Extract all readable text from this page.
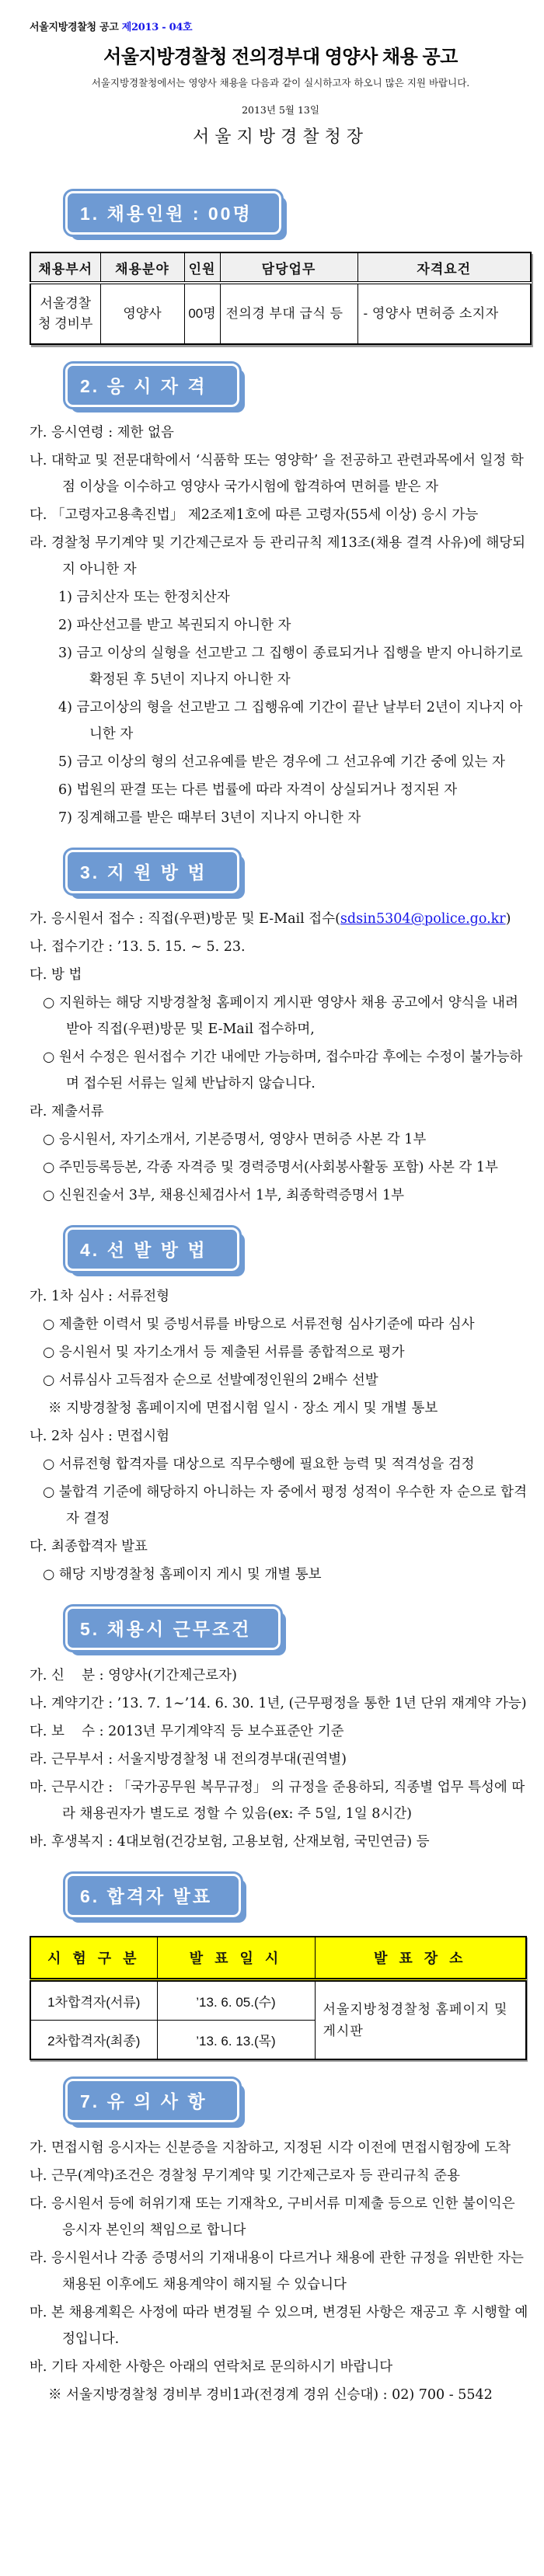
서울지방경찰청 공고 제2013 - 04호
서울지방경찰청 전의경부대 영양사 채용 공고
서울지방경찰청에서는 영양사 채용을 다음과 같이 실시하고자 하오니 많은 지원 바랍니다.
2013년 5월 13일
서울지방경찰청장
1. 채용인원 : 00명
채용부서	채용분야	인원	담당업무	자격요건
서울경찰청 경비부	영양사	00명	전의경 부대 급식 등	- 영양사 면허증 소지자
2. 응 시 자 격
가. 응시연령 : 제한 없음
나. 대학교 및 전문대학에서 ‘식품학 또는 영양학’ 을 전공하고 관련과목에서 일정 학점 이상을 이수하고 영양사 국가시험에 합격하여 면허를 받은 자
다. 「고령자고용촉진법」 제2조제1호에 따른 고령자(55세 이상) 응시 가능
라. 경찰청 무기계약 및 기간제근로자 등 관리규칙 제13조(채용 결격 사유)에 해당되지 아니한 자
1) 금치산자 또는 한정치산자
2) 파산선고를 받고 복권되지 아니한 자
3) 금고 이상의 실형을 선고받고 그 집행이 종료되거나 집행을 받지 아니하기로 확정된 후 5년이 지나지 아니한 자
4) 금고이상의 형을 선고받고 그 집행유예 기간이 끝난 날부터 2년이 지나지 아니한 자
5) 금고 이상의 형의 선고유예를 받은 경우에 그 선고유예 기간 중에 있는 자
6) 법원의 판결 또는 다른 법률에 따라 자격이 상실되거나 정지된 자
7) 징계해고를 받은 때부터 3년이 지나지 아니한 자
3. 지 원 방 법
가. 응시원서 접수 : 직접(우편)방문 및 E-Mail 접수(sdsin5304@police.go.kr)
나. 접수기간 : ’13. 5. 15. ~ 5. 23.
다. 방 법
○ 지원하는 해당 지방경찰청 홈페이지 게시판 영양사 채용 공고에서 양식을 내려 받아 직접(우편)방문 및 E-Mail 접수하며,
○ 원서 수정은 원서접수 기간 내에만 가능하며, 접수마감 후에는 수정이 불가능하며 접수된 서류는 일체 반납하지 않습니다.
라. 제출서류
○ 응시원서, 자기소개서, 기본증명서, 영양사 면허증 사본 각 1부
○ 주민등록등본, 각종 자격증 및 경력증명서(사회봉사활동 포함) 사본 각 1부
○ 신원진술서 3부, 채용신체검사서 1부, 최종학력증명서 1부
4. 선 발 방 법
가. 1차 심사 : 서류전형
○ 제출한 이력서 및 증빙서류를 바탕으로 서류전형 심사기준에 따라 심사
○ 응시원서 및 자기소개서 등 제출된 서류를 종합적으로 평가
○ 서류심사 고득점자 순으로 선발예정인원의 2배수 선발
※ 지방경찰청 홈페이지에 면접시험 일시 · 장소 게시 및 개별 통보
나. 2차 심사 : 면접시험
○ 서류전형 합격자를 대상으로 직무수행에 필요한 능력 및 적격성을 검정
○ 불합격 기준에 해당하지 아니하는 자 중에서 평정 성적이 우수한 자 순으로 합격자 결정
다. 최종합격자 발표
○ 해당 지방경찰청 홈페이지 게시 및 개별 통보
5. 채용시 근무조건
가. 신    분 : 영양사(기간제근로자)
나. 계약기간 : ’13. 7. 1~’14. 6. 30. 1년, (근무평정을 통한 1년 단위 재계약 가능)
다. 보    수 : 2013년 무기계약직 등 보수표준안 기준
라. 근무부서 : 서울지방경찰청 내 전의경부대(권역별)
마. 근무시간 : 「국가공무원 복무규정」 의 규정을 준용하되, 직종별 업무 특성에 따라 채용권자가 별도로 정할 수 있음(ex: 주 5일, 1일 8시간)
바. 후생복지 : 4대보험(건강보험, 고용보험, 산재보험, 국민연금) 등
6. 합격자 발표
시 험 구 분	발 표 일 시	발 표 장 소
1차합격자(서류)	’13. 6. 05.(수)	서울지방청경찰청 홈페이지 및 게시판
2차합격자(최종)	’13. 6. 13.(목)	
7. 유 의 사 항
가. 면접시험 응시자는 신분증을 지참하고, 지정된 시각 이전에 면접시험장에 도착
나. 근무(계약)조건은 경찰청 무기계약 및 기간제근로자 등 관리규칙 준용
다. 응시원서 등에 허위기재 또는 기재착오, 구비서류 미제출 등으로 인한 불이익은 응시자 본인의 책임으로 합니다
라. 응시원서나 각종 증명서의 기재내용이 다르거나 채용에 관한 규정을 위반한 자는 채용된 이후에도 채용계약이 해지될 수 있습니다
마. 본 채용계획은 사정에 따라 변경될 수 있으며, 변경된 사항은 재공고 후 시행할 예정입니다.
바. 기타 자세한 사항은 아래의 연락처로 문의하시기 바랍니다
※ 서울지방경찰청 경비부 경비1과(전경계 경위 신승대) : 02) 700 - 5542
